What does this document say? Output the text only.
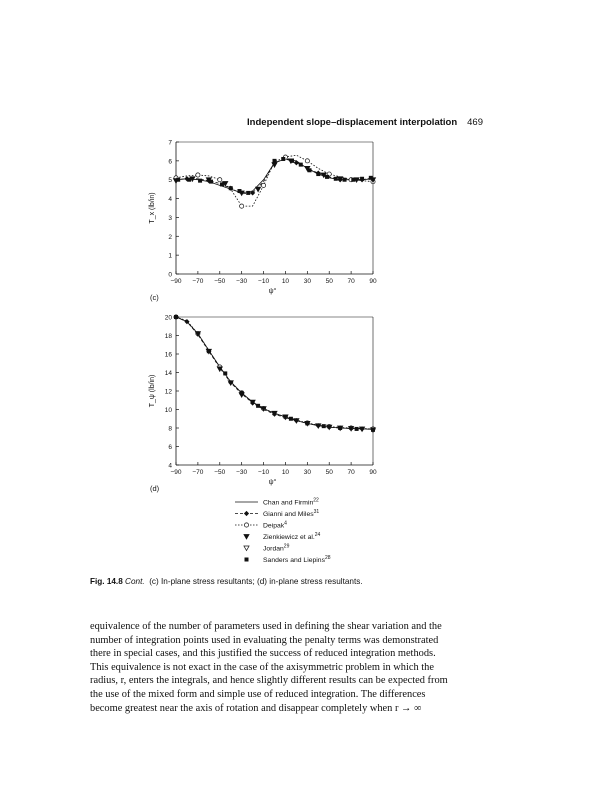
Independent slope–displacement interpolation 469
0
1
2
3
4
5
6
7
−90 −70 −50 −30 −10 10 30 50 70 90
T_x (lb/in)
ψ°
(c)
4
6
8
10
12
14
16
18
20
−90 −70 −50 −30 −10 10 30 50 70 90
T_ψ (lb/in)
ψ°
(d)
Chan and Firmin$^{22}$
Gianni and Miles$^{31}$
Deipak$^4$
Zienkiewicz et al.$^{24}$
Jordan$^{29}$
Sanders and Liepins$^{28}$
Fig. 14.8 Cont. (c) In-plane stress resultants; (d) in-plane stress resultants.
equivalence of the number of parameters used in defining the shear variation and the
number of integration points used in evaluating the penalty terms was demonstrated
there in special cases, and this justified the success of reduced integration methods.
This equivalence is not exact in the case of the axisymmetric problem in which the
radius, r, enters the integrals, and hence slightly different results can be expected from
the use of the mixed form and simple use of reduced integration. The differences
become greatest near the axis of rotation and disappear completely when r → ∞
